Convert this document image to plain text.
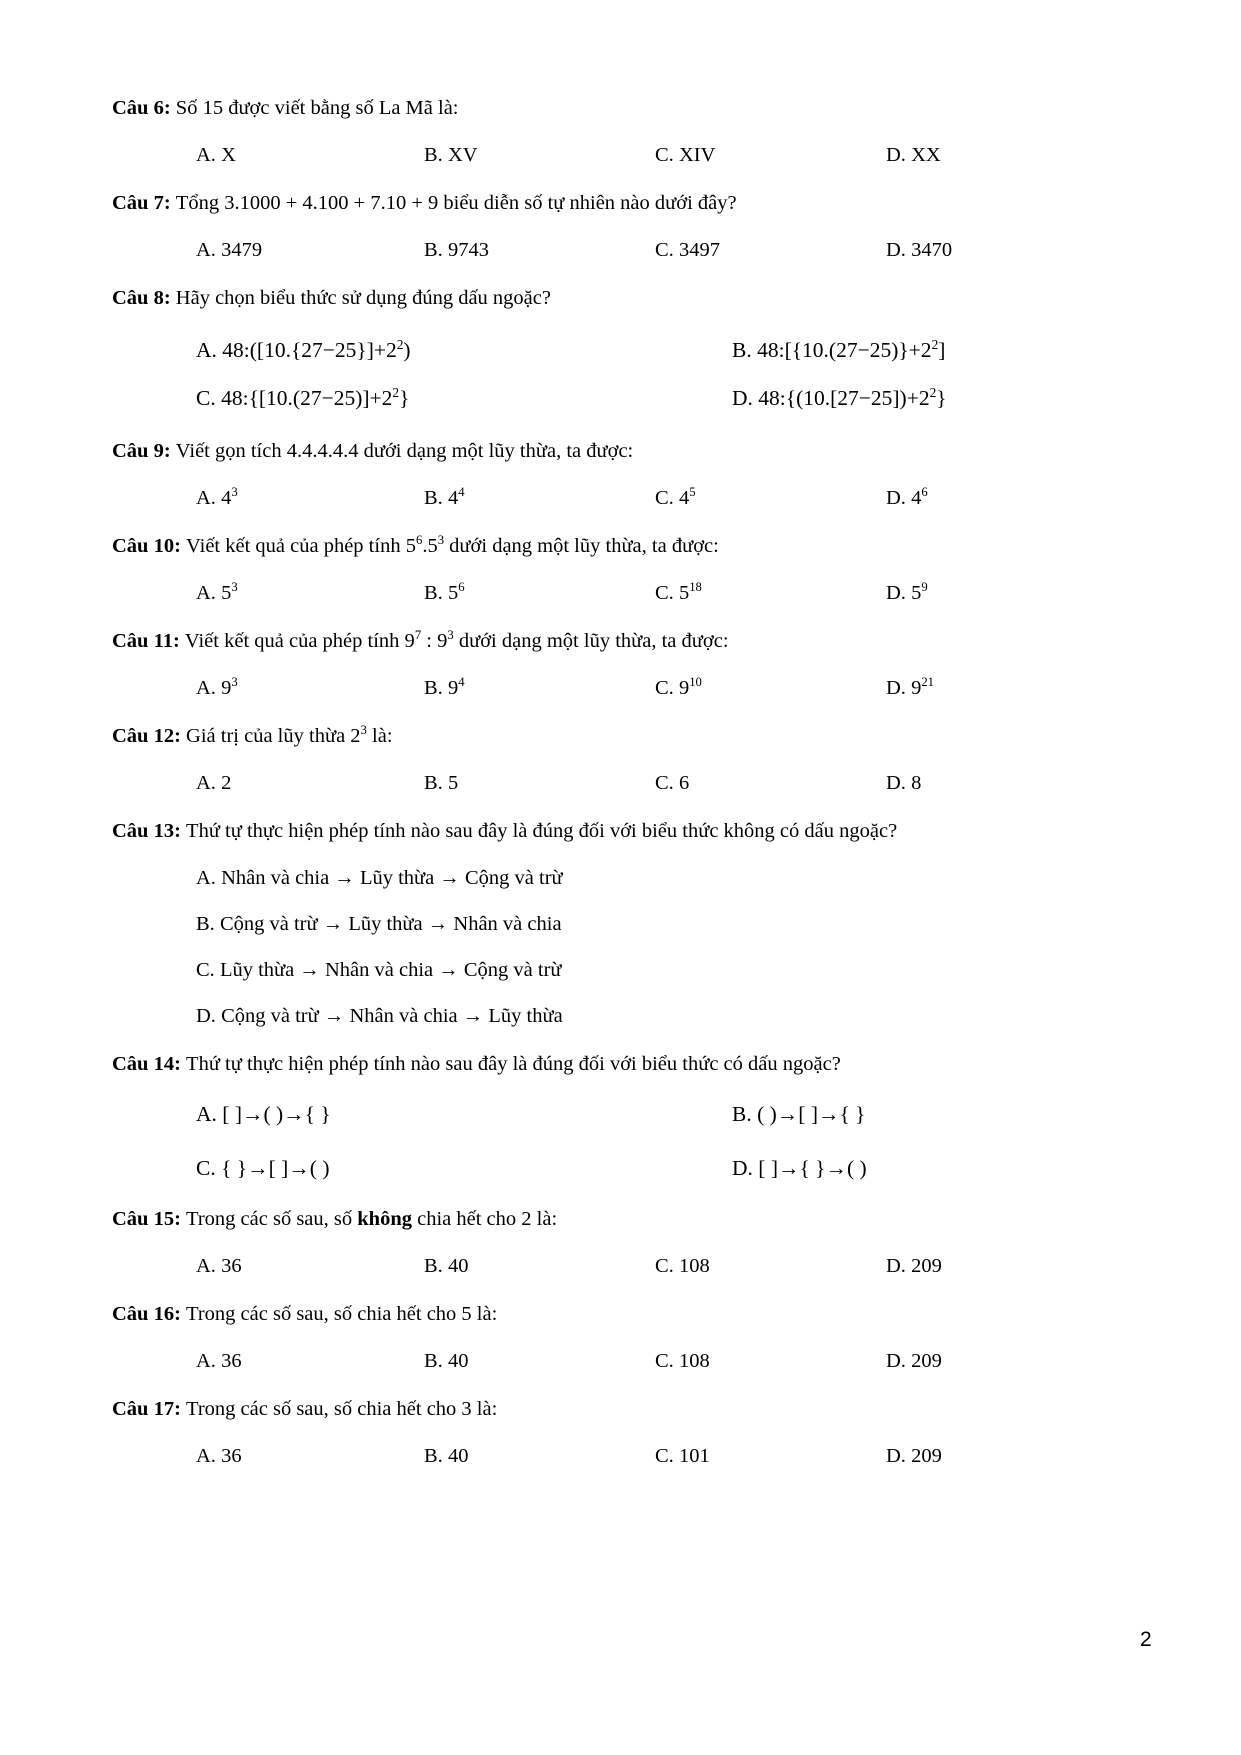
Câu 6: Số 15 được viết bằng số La Mã là:
A. X	B. XV	C. XIV	D. XX
Câu 7: Tổng 3.1000 + 4.100 + 7.10 + 9 biểu diễn số tự nhiên nào dưới đây?
A. 3479	B. 9743	C. 3497	D. 3470
Câu 8: Hãy chọn biểu thức sử dụng đúng dấu ngoặc?
A. $48:([10.\{27-25\}]+2^2)$	B. $48:[\{10.(27-25)\}+2^2]$
C. $48:\{[10.(27-25)]+2^2\}$	D. $48:\{(10.[27-25])+2^2\}$
Câu 9: Viết gọn tích 4.4.4.4.4 dưới dạng một lũy thừa, ta được:
A. $4^3$	B. $4^4$	C. $4^5$	D. $4^6$
Câu 10: Viết kết quả của phép tính $5^6.5^3$ dưới dạng một lũy thừa, ta được:
A. $5^3$	B. $5^6$	C. $5^{18}$	D. $5^9$
Câu 11: Viết kết quả của phép tính $9^7$ : $9^3$ dưới dạng một lũy thừa, ta được:
A. $9^3$	B. $9^4$	C. $9^{10}$	D. $9^{21}$
Câu 12: Giá trị của lũy thừa $2^3$ là:
A. 2	B. 5	C. 6	D. 8
Câu 13: Thứ tự thực hiện phép tính nào sau đây là đúng đối với biểu thức không có dấu ngoặc?
A. Nhân và chia → Lũy thừa → Cộng và trừ
B. Cộng và trừ → Lũy thừa → Nhân và chia
C. Lũy thừa → Nhân và chia → Cộng và trừ
D. Cộng và trừ → Nhân và chia → Lũy thừa
Câu 14: Thứ tự thực hiện phép tính nào sau đây là đúng đối với biểu thức có dấu ngoặc?
A. [ ]→( )→{ }	B. ( )→[ ]→{ }
C. { }→[ ]→( )	D. [ ]→{ }→( )
Câu 15: Trong các số sau, số không chia hết cho 2 là:
A. 36	B. 40	C. 108	D. 209
Câu 16: Trong các số sau, số chia hết cho 5 là:
A. 36	B. 40	C. 108	D. 209
Câu 17: Trong các số sau, số chia hết cho 3 là:
A. 36	B. 40	C. 101	D. 209
2
